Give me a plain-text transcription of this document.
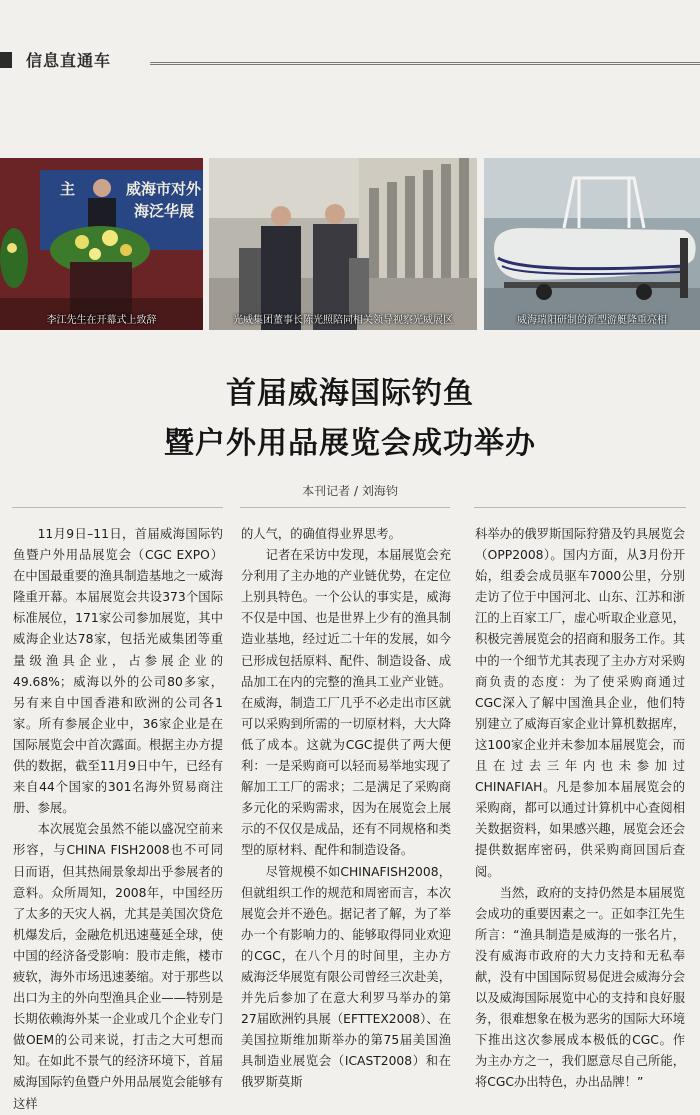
信息直通车
主	威海市对外
海泛华展
李江先生在开幕式上致辞	光威集团董事长陈光照陪同相关领导视察光威展区	威海瑞阳研制的新型游艇隆重亮相
首届威海国际钓鱼
暨户外用品展览会成功举办
本刊记者 / 刘海钧

11月9日–11日，首届威海国际钓鱼暨户外用品展览会（CGC EXPO）在中国最重要的渔具制造基地之一威海隆重开幕。本届展览会共设373个国际标准展位，171家公司参加展览，其中威海企业达78家，包括光威集团等重量级渔具企业，占参展企业的49.68%；威海以外的公司80多家，另有来自中国香港和欧洲的公司各1家。所有参展企业中，36家企业是在国际展览会中首次露面。根据主办方提供的数据，截至11月9日中午，已经有来自44个国家的301名海外贸易商注册、参展。

本次展览会虽然不能以盛况空前来形容，与CHINA FISH2008也不可同日而语，但其热闹景象却出乎参展者的意料。众所周知，2008年，中国经历了太多的天灾人祸，尤其是美国次贷危机爆发后，金融危机迅速蔓延全球，使中国的经济备受影响：股市走熊，楼市疲软，海外市场迅速萎缩。对于那些以出口为主的外向型渔具企业——特别是长期依赖海外某一企业或几个企业专门做OEM的公司来说，打击之大可想而知。在如此不景气的经济环境下，首届威海国际钓鱼暨户外用品展览会能够有这样

的人气，的确值得业界思考。

记者在采访中发现，本届展览会充分利用了主办地的产业链优势，在定位上别具特色。一个公认的事实是，威海不仅是中国、也是世界上少有的渔具制造业基地，经过近二十年的发展，如今已形成包括原料、配件、制造设备、成品加工在内的完整的渔具工业产业链。在威海，制造工厂几乎不必走出市区就可以采购到所需的一切原材料，大大降低了成本。这就为CGC提供了两大便利：一是采购商可以轻而易举地实现了解加工工厂的需求；二是满足了采购商多元化的采购需求，因为在展览会上展示的不仅仅是成品，还有不同规格和类型的原材料、配件和制造设备。

尽管规模不如CHINAFISH2008，但就组织工作的规范和周密而言，本次展览会并不逊色。据记者了解，为了举办一个有影响力的、能够取得同业欢迎的CGC，在八个月的时间里，主办方威海泛华展览有限公司曾经三次赴美，并先后参加了在意大利罗马举办的第27届欧洲钓具展（EFTTEX2008）、在美国拉斯维加斯举办的第75届美国渔具制造业展览会（ICAST2008）和在俄罗斯莫斯

科举办的俄罗斯国际狩猎及钓具展览会（OPP2008）。国内方面，从3月份开始，组委会成员驱车7000公里，分别走访了位于中国河北、山东、江苏和浙江的上百家工厂，虚心听取企业意见，积极完善展览会的招商和服务工作。其中的一个细节尤其表现了主办方对采购商负责的态度：为了使采购商通过CGC深入了解中国渔具企业，他们特别建立了威海百家企业计算机数据库，这100家企业并未参加本届展览会，而且在过去三年内也未参加过CHINAFIAH。凡是参加本届展览会的采购商，都可以通过计算机中心查阅相关数据资料，如果感兴趣，展览会还会提供数据库密码，供采购商回国后查阅。

当然，政府的支持仍然是本届展览会成功的重要因素之一。正如李江先生所言：“渔具制造是威海的一张名片，没有威海市政府的大力支持和无私奉献，没有中国国际贸易促进会威海分会以及威海国际展览中心的支持和良好服务，很难想象在极为恶劣的国际大环境下推出这次参展成本极低的CGC。作为主办方之一，我们愿意尽自己所能，将CGC办出特色，办出品牌！”
